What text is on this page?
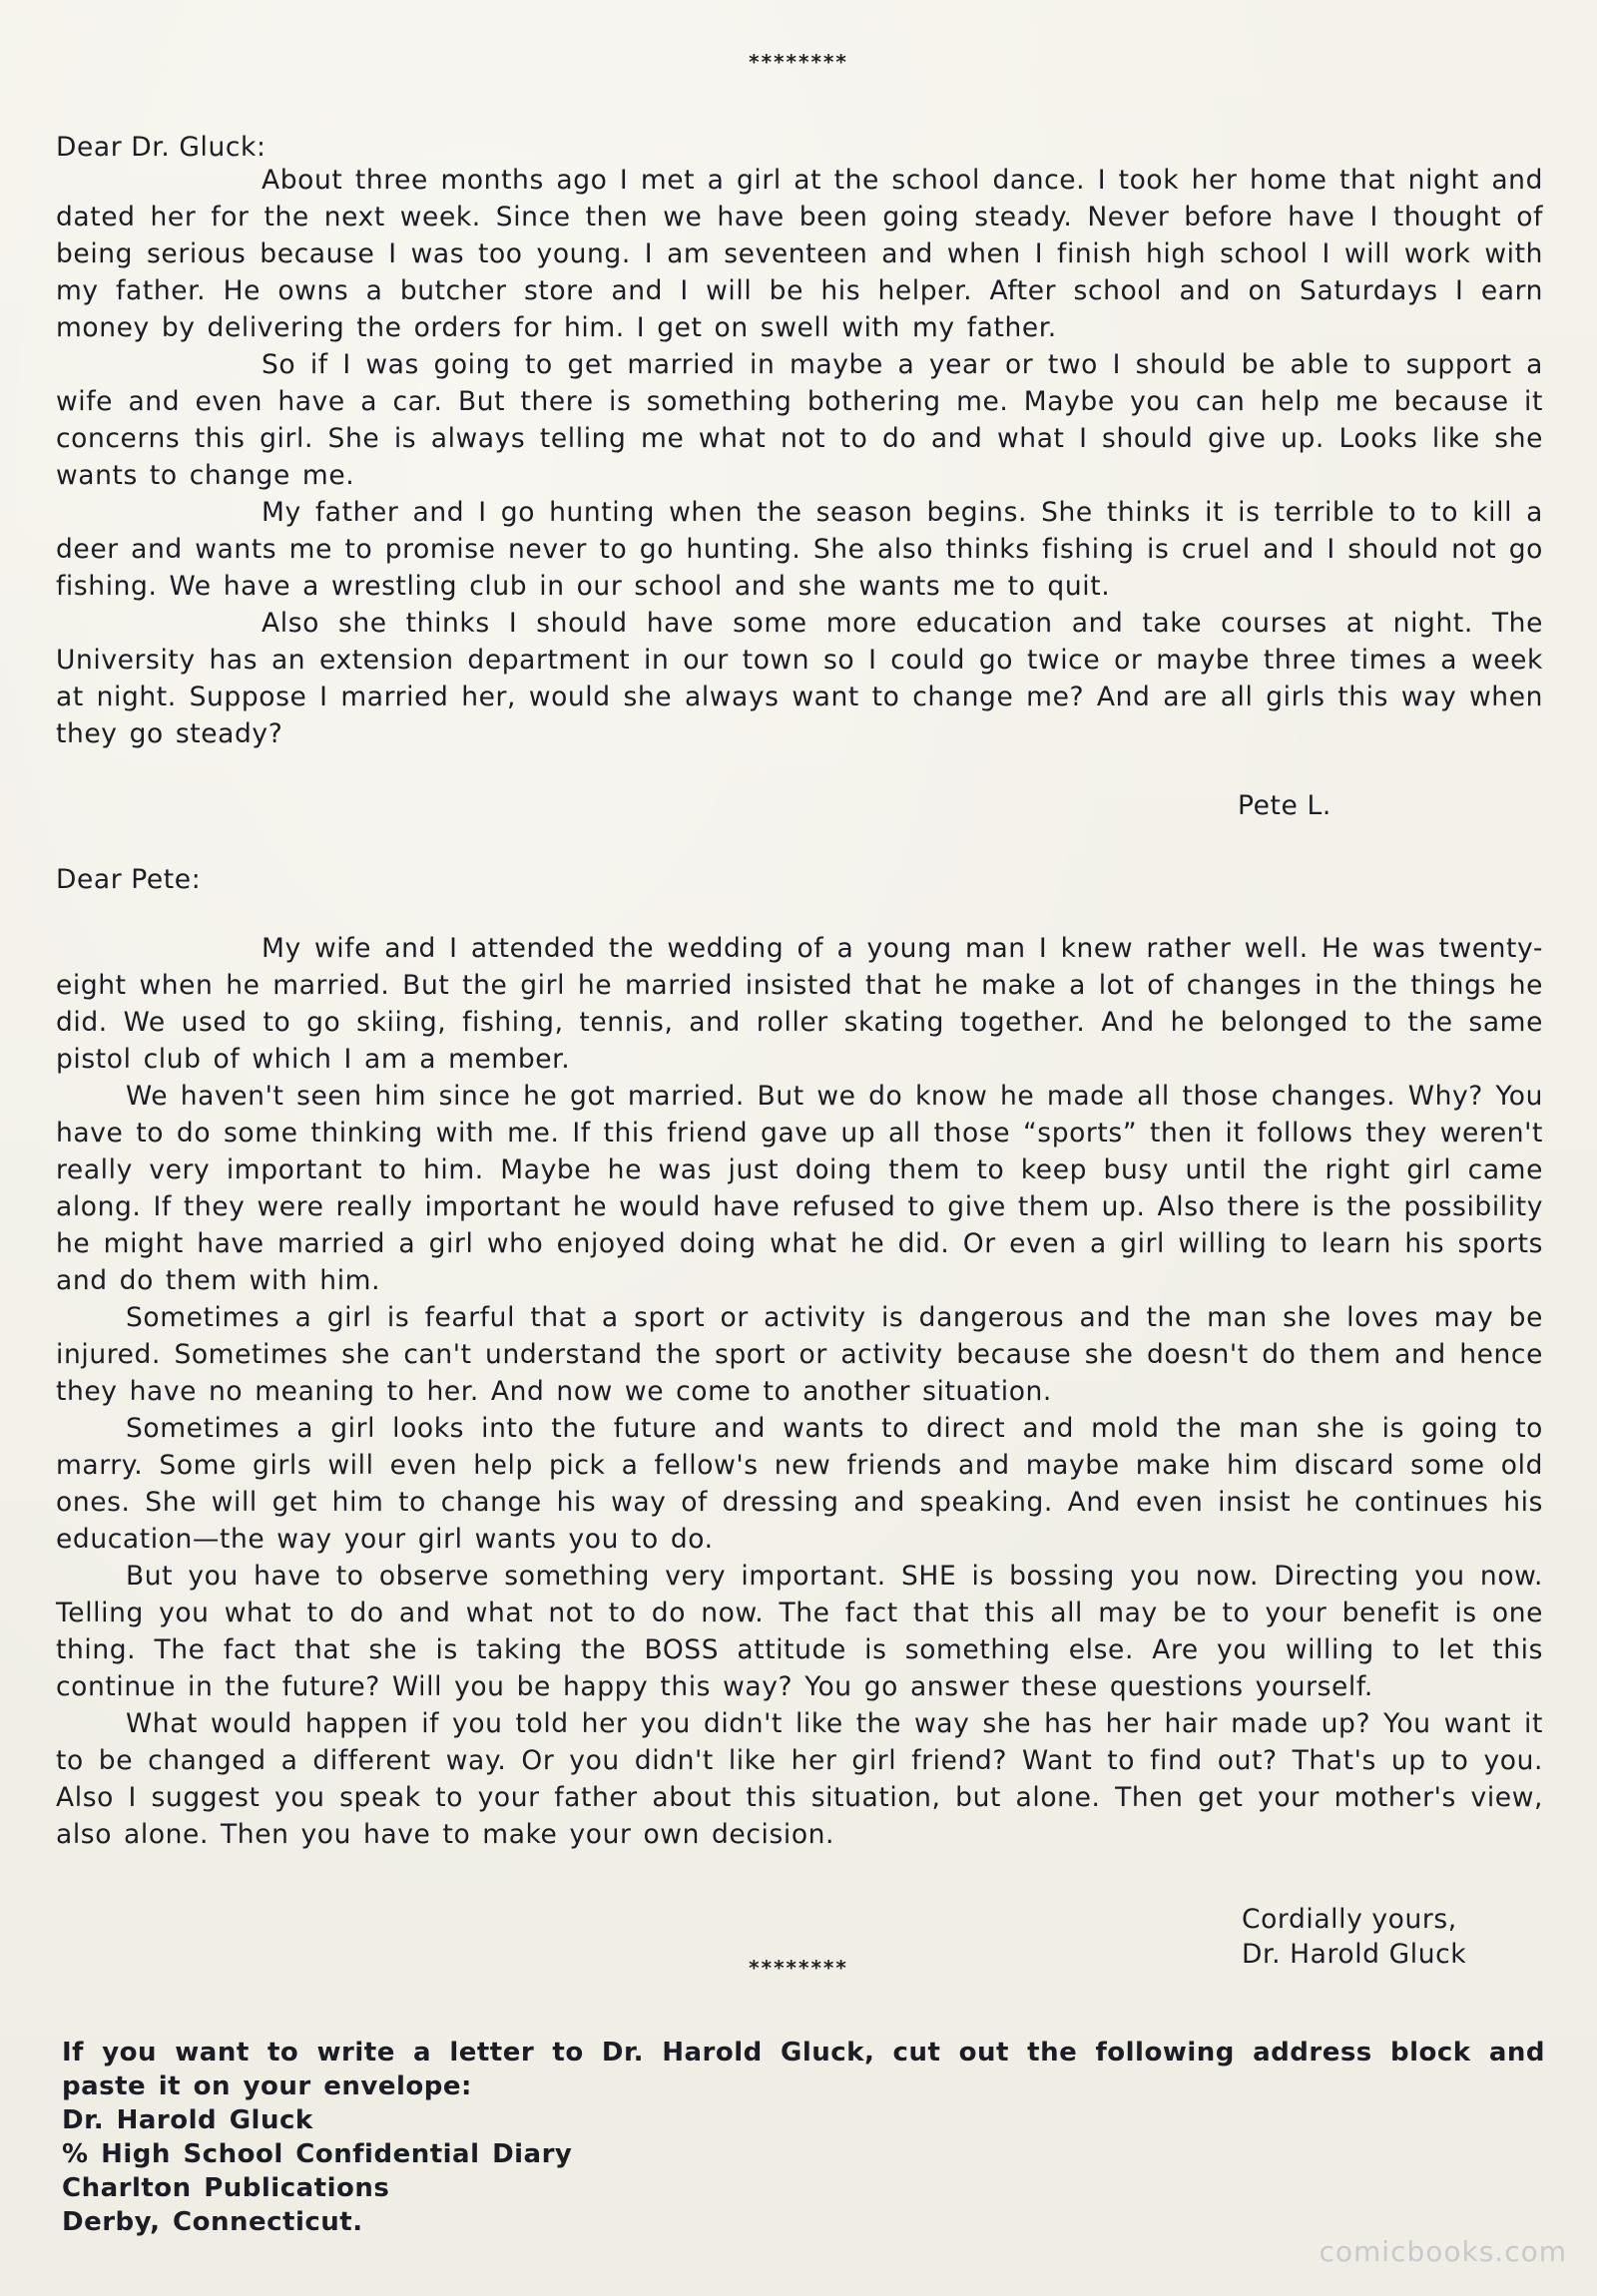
********
Dear Dr. Gluck:

About three months ago I met a girl at the school dance. I took her home that night and dated her for the next week. Since then we have been going steady. Never before have I thought of being serious because I was too young. I am seventeen and when I finish high school I will work with my father. He owns a butcher store and I will be his helper. After school and on Saturdays I earn money by delivering the orders for him. I get on swell with my father.

So if I was going to get married in maybe a year or two I should be able to support a wife and even have a car. But there is something bothering me. Maybe you can help me because it concerns this girl. She is always telling me what not to do and what I should give up. Looks like she wants to change me.

My father and I go hunting when the season begins. She thinks it is terrible to to kill a deer and wants me to promise never to go hunting. She also thinks fishing is cruel and I should not go fishing. We have a wrestling club in our school and she wants me to quit.

Also she thinks I should have some more education and take courses at night. The University has an extension department in our town so I could go twice or maybe three times a week at night. Suppose I married her, would she always want to change me? And are all girls this way when they go steady?

Pete L.
Dear Pete:

My wife and I attended the wedding of a young man I knew rather well. He was twenty-eight when he married. But the girl he married insisted that he make a lot of changes in the things he did. We used to go skiing, fishing, tennis, and roller skating together. And he belonged to the same pistol club of which I am a member.

We haven't seen him since he got married. But we do know he made all those changes. Why? You have to do some thinking with me. If this friend gave up all those “sports” then it follows they weren't really very important to him. Maybe he was just doing them to keep busy until the right girl came along. If they were really important he would have refused to give them up. Also there is the possibility he might have married a girl who enjoyed doing what he did. Or even a girl willing to learn his sports and do them with him.

Sometimes a girl is fearful that a sport or activity is dangerous and the man she loves may be injured. Sometimes she can't understand the sport or activity because she doesn't do them and hence they have no meaning to her. And now we come to another situation.

Sometimes a girl looks into the future and wants to direct and mold the man she is going to marry. Some girls will even help pick a fellow's new friends and maybe make him discard some old ones. She will get him to change his way of dressing and speaking. And even insist he continues his education—the way your girl wants you to do.

But you have to observe something very important. SHE is bossing you now. Directing you now. Telling you what to do and what not to do now. The fact that this all may be to your benefit is one thing. The fact that she is taking the BOSS attitude is something else. Are you willing to let this continue in the future? Will you be happy this way? You go answer these questions yourself.

What would happen if you told her you didn't like the way she has her hair made up? You want it to be changed a different way. Or you didn't like her girl friend? Want to find out? That's up to you. Also I suggest you speak to your father about this situation, but alone. Then get your mother's view, also alone. Then you have to make your own decision.

Cordially yours,
Dr. Harold Gluck
********

If you want to write a letter to Dr. Harold Gluck, cut out the following address block and paste it on your envelope:

Dr. Harold Gluck
% High School Confidential Diary
Charlton Publications
Derby, Connecticut.
comicbooks.com
